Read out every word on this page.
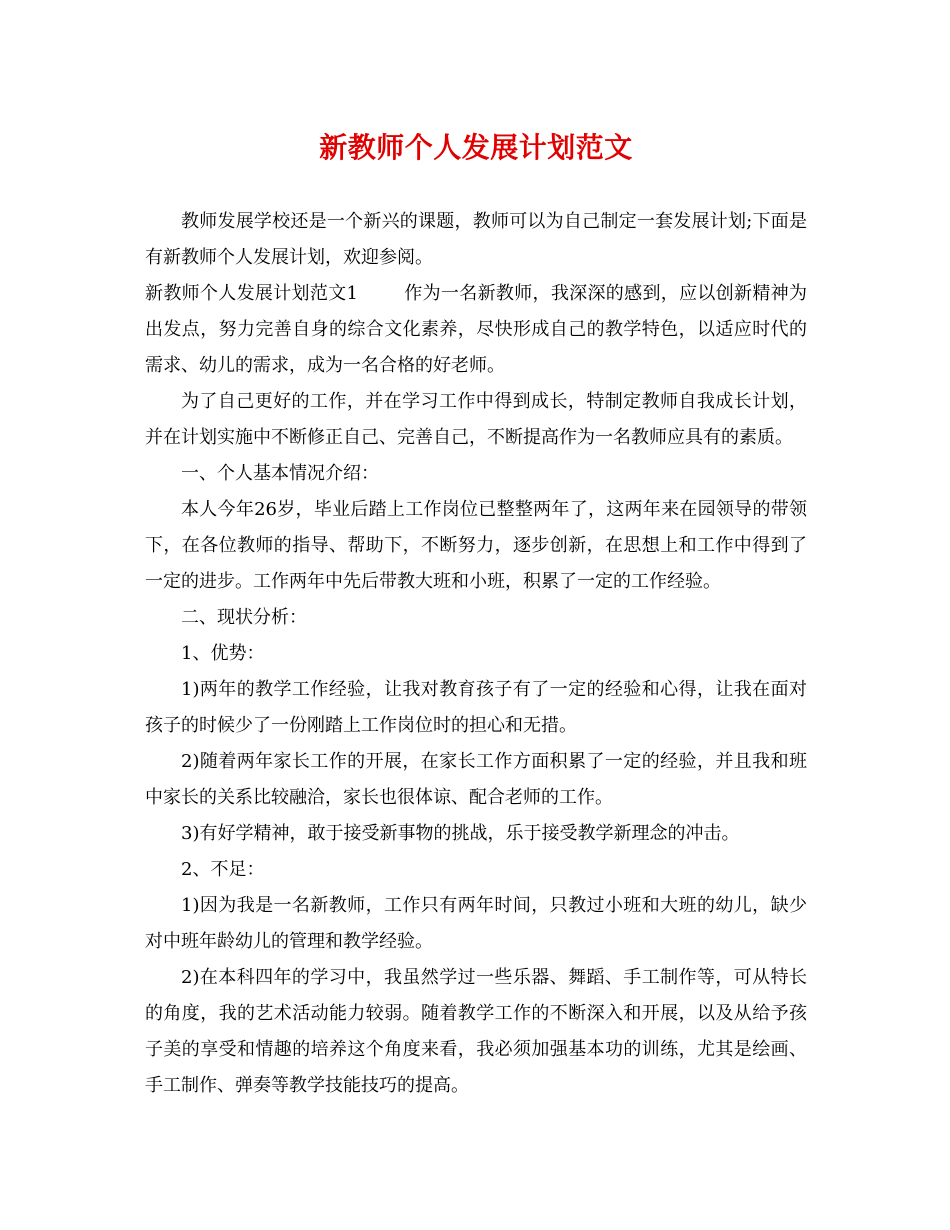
新教师个人发展计划范文

教师发展学校还是一个新兴的课题，教师可以为自己制定一套发展计划;下面是有新教师个人发展计划，欢迎参阅。

新教师个人发展计划范文1	作为一名新教师，我深深的感到，应以创新精神为出发点，努力完善自身的综合文化素养，尽快形成自己的教学特色，以适应时代的需求、幼儿的需求，成为一名合格的好老师。

为了自己更好的工作，并在学习工作中得到成长，特制定教师自我成长计划，并在计划实施中不断修正自己、完善自己，不断提高作为一名教师应具有的素质。

一、个人基本情况介绍：

本人今年26岁，毕业后踏上工作岗位已整整两年了，这两年来在园领导的带领下，在各位教师的指导、帮助下，不断努力，逐步创新，在思想上和工作中得到了一定的进步。工作两年中先后带教大班和小班，积累了一定的工作经验。

二、现状分析：

1、优势：

1)两年的教学工作经验，让我对教育孩子有了一定的经验和心得，让我在面对孩子的时候少了一份刚踏上工作岗位时的担心和无措。

2)随着两年家长工作的开展，在家长工作方面积累了一定的经验，并且我和班中家长的关系比较融洽，家长也很体谅、配合老师的工作。

3)有好学精神，敢于接受新事物的挑战，乐于接受教学新理念的冲击。

2、不足：

1)因为我是一名新教师，工作只有两年时间，只教过小班和大班的幼儿，缺少对中班年龄幼儿的管理和教学经验。

2)在本科四年的学习中，我虽然学过一些乐器、舞蹈、手工制作等，可从特长的角度，我的艺术活动能力较弱。随着教学工作的不断深入和开展，以及从给予孩子美的享受和情趣的培养这个角度来看，我必须加强基本功的训练，尤其是绘画、手工制作、弹奏等教学技能技巧的提高。
